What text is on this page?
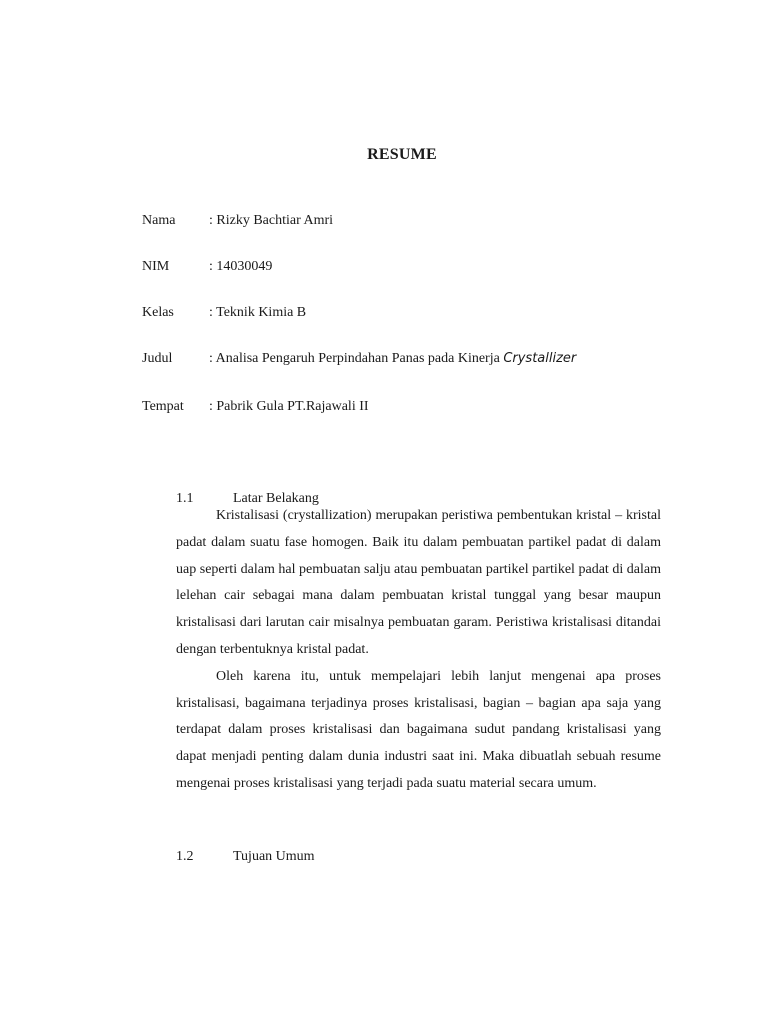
RESUME
Nama : Rizky Bachtiar Amri
NIM	: 14030049
Kelas	: Teknik Kimia B
Judul	: Analisa Pengaruh Perpindahan Panas pada Kinerja Crystallizer
Tempat : Pabrik Gula PT.Rajawali II
1.1	Latar Belakang

Kristalisasi (crystallization) merupakan peristiwa pembentukan kristal – kristal padat dalam suatu fase homogen. Baik itu dalam pembuatan partikel padat di dalam uap seperti dalam hal pembuatan salju atau pembuatan partikel partikel padat di dalam lelehan cair sebagai mana dalam pembuatan kristal tunggal yang besar maupun kristalisasi dari larutan cair misalnya pembuatan garam. Peristiwa kristalisasi ditandai dengan terbentuknya kristal padat.

Oleh karena itu, untuk mempelajari lebih lanjut mengenai apa proses kristalisasi, bagaimana terjadinya proses kristalisasi, bagian – bagian apa saja yang terdapat dalam proses kristalisasi dan bagaimana sudut pandang kristalisasi yang dapat menjadi penting dalam dunia industri saat ini. Maka dibuatlah sebuah resume mengenai proses kristalisasi yang terjadi pada suatu material secara umum.

1.2	Tujuan Umum
